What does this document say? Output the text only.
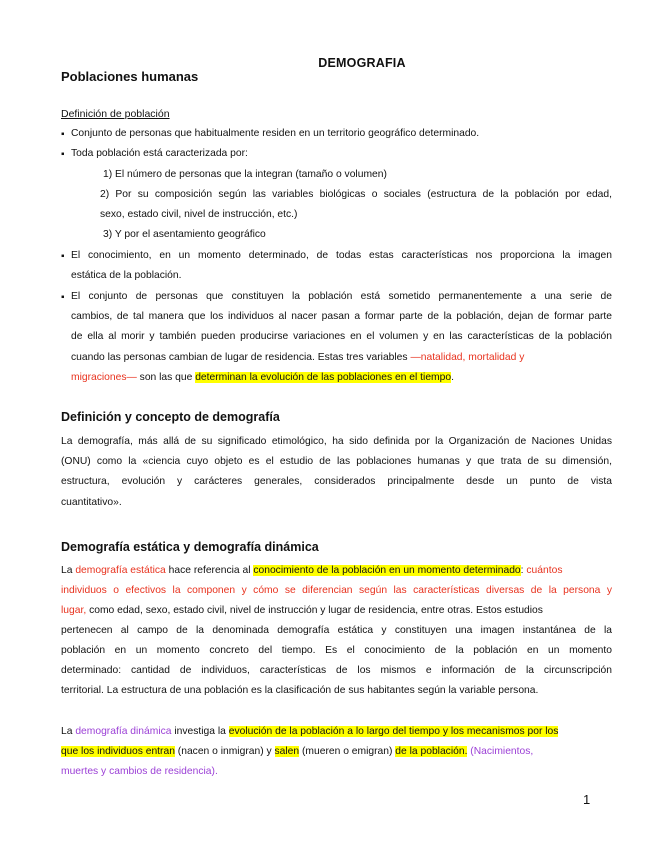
DEMOGRAFIA
Poblaciones humanas
Definición de población
▪ Conjunto de personas que habitualmente residen en un territorio geográfico determinado.
▪ Toda población está caracterizada por:
1) El número de personas que la integran (tamaño o volumen)
2) Por su composición según las variables biológicas o sociales (estructura de la población por edad,
sexo, estado civil, nivel de instrucción, etc.)
3) Y por el asentamiento geográfico
▪ El conocimiento, en un momento determinado, de todas estas características nos proporciona la imagen
estática de la población.
▪ El conjunto de personas que constituyen la población está sometido permanentemente a una serie de
cambios, de tal manera que los individuos al nacer pasan a formar parte de la población, dejan de formar parte
de ella al morir y también pueden producirse variaciones en el volumen y en las características de la población
cuando las personas cambian de lugar de residencia. Estas tres variables —natalidad, mortalidad y
migraciones— son las que determinan la evolución de las poblaciones en el tiempo.
Definición y concepto de demografía
La demografía, más allá de su significado etimológico, ha sido definida por la Organización de Naciones Unidas
(ONU) como la «ciencia cuyo objeto es el estudio de las poblaciones humanas y que trata de su dimensión,
estructura, evolución y carácteres generales, considerados principalmente desde un punto de vista
cuantitativo».
Demografía estática y demografía dinámica
La demografía estática hace referencia al conocimiento de la población en un momento determinado: cuántos
individuos o efectivos la componen y cómo se diferencian según las características diversas de la persona y
lugar, como edad, sexo, estado civil, nivel de instrucción y lugar de residencia, entre otras. Estos estudios
pertenecen al campo de la denominada demografía estática y constituyen una imagen instantánea de la
población en un momento concreto del tiempo. Es el conocimiento de la población en un momento
determinado: cantidad de individuos, características de los mismos e información de la circunscripción
territorial. La estructura de una población es la clasificación de sus habitantes según la variable persona.
La demografía dinámica investiga la evolución de la población a lo largo del tiempo y los mecanismos por los
que los individuos entran (nacen o inmigran) y salen (mueren o emigran) de la población. (Nacimientos,
muertes y cambios de residencia).
1
